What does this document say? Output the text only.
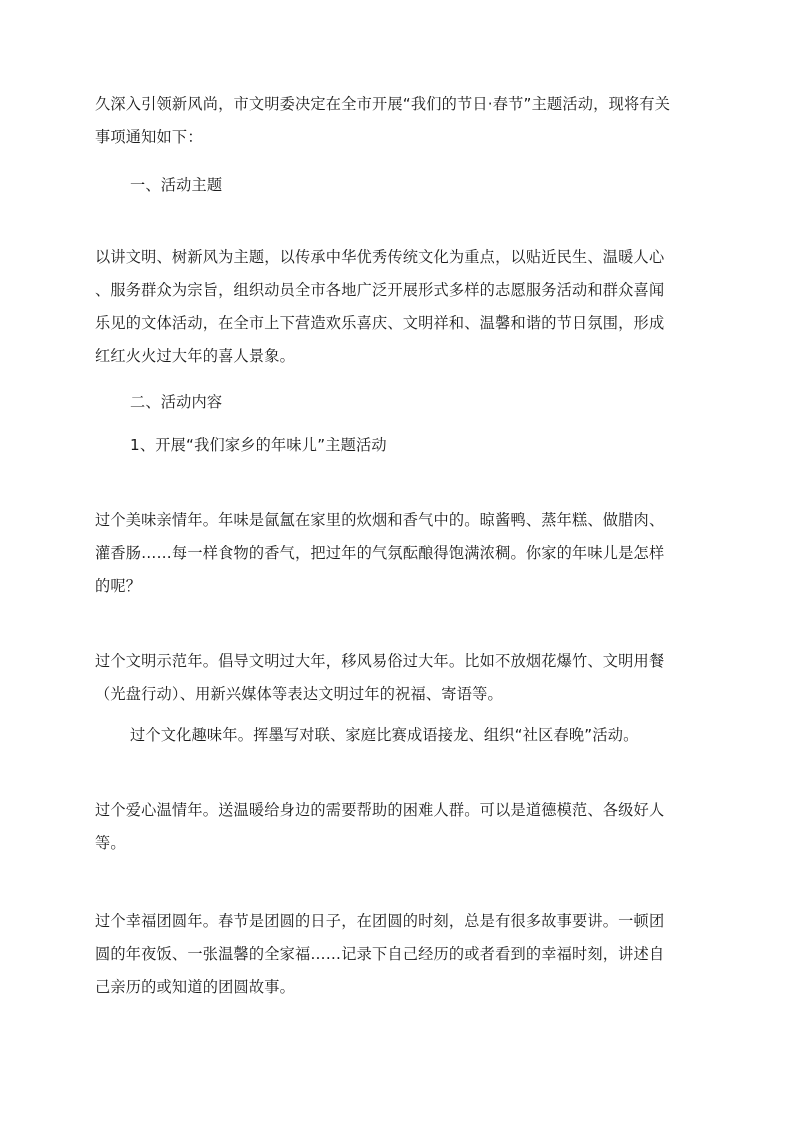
久深入引领新风尚，市文明委决定在全市开展“我们的节日·春节”主题活动，现将有关
事项通知如下：
一、活动主题
以讲文明、树新风为主题，以传承中华优秀传统文化为重点，以贴近民生、温暖人心
、服务群众为宗旨，组织动员全市各地广泛开展形式多样的志愿服务活动和群众喜闻
乐见的文体活动，在全市上下营造欢乐喜庆、文明祥和、温馨和谐的节日氛围，形成
红红火火过大年的喜人景象。
二、活动内容
1、开展“我们家乡的年味儿”主题活动
过个美味亲情年。年味是氤氲在家里的炊烟和香气中的。晾酱鸭、蒸年糕、做腊肉、
灌香肠……每一样食物的香气，把过年的气氛酝酿得饱满浓稠。你家的年味儿是怎样
的呢？
过个文明示范年。倡导文明过大年，移风易俗过大年。比如不放烟花爆竹、文明用餐
（光盘行动）、用新兴媒体等表达文明过年的祝福、寄语等。
过个文化趣味年。挥墨写对联、家庭比赛成语接龙、组织“社区春晚”活动。
过个爱心温情年。送温暖给身边的需要帮助的困难人群。可以是道德模范、各级好人
等。
过个幸福团圆年。春节是团圆的日子，在团圆的时刻，总是有很多故事要讲。一顿团
圆的年夜饭、一张温馨的全家福……记录下自己经历的或者看到的幸福时刻，讲述自
己亲历的或知道的团圆故事。
